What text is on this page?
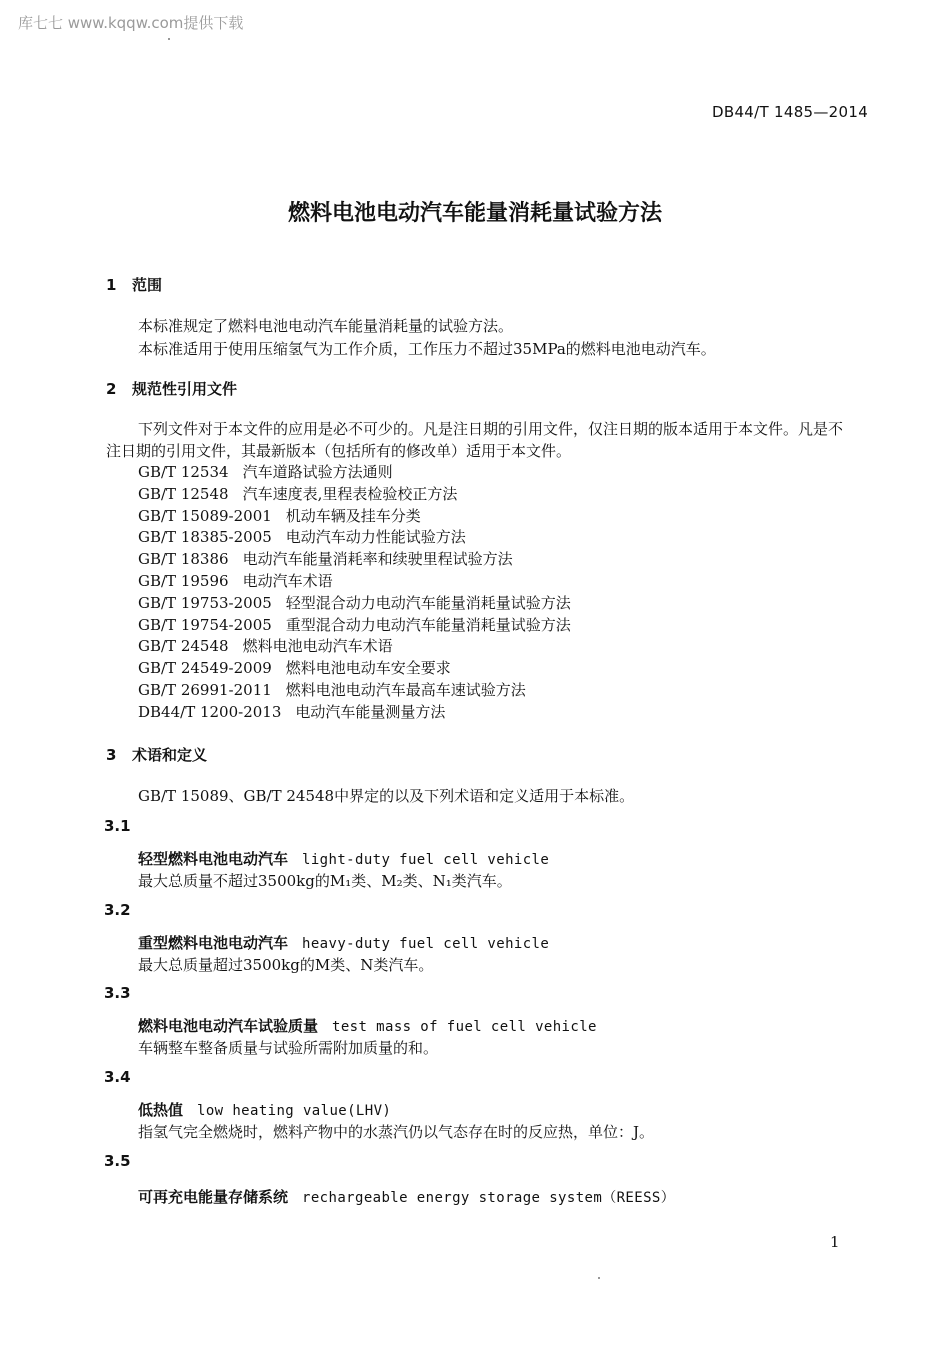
库七七 www.kqqw.com提供下载
DB44/T 1485—2014
燃料电池电动汽车能量消耗量试验方法
1 范围
本标准规定了燃料电池电动汽车能量消耗量的试验方法。
本标准适用于使用压缩氢气为工作介质，工作压力不超过35MPa的燃料电池电动汽车。
2 规范性引用文件
下列文件对于本文件的应用是必不可少的。凡是注日期的引用文件，仅注日期的版本适用于本文件。凡是不注日期的引用文件，其最新版本（包括所有的修改单）适用于本文件。
GB/T 12534 汽车道路试验方法通则
GB/T 12548 汽车速度表,里程表检验校正方法
GB/T 15089-2001 机动车辆及挂车分类
GB/T 18385-2005 电动汽车动力性能试验方法
GB/T 18386 电动汽车能量消耗率和续驶里程试验方法
GB/T 19596 电动汽车术语
GB/T 19753-2005 轻型混合动力电动汽车能量消耗量试验方法
GB/T 19754-2005 重型混合动力电动汽车能量消耗量试验方法
GB/T 24548 燃料电池电动汽车术语
GB/T 24549-2009 燃料电池电动车安全要求
GB/T 26991-2011 燃料电池电动汽车最高车速试验方法
DB44/T 1200-2013 电动汽车能量测量方法
3 术语和定义
GB/T 15089、GB/T 24548中界定的以及下列术语和定义适用于本标准。
3.1
轻型燃料电池电动汽车 light-duty fuel cell vehicle
最大总质量不超过3500kg的M₁类、M₂类、N₁类汽车。
3.2
重型燃料电池电动汽车 heavy-duty fuel cell vehicle
最大总质量超过3500kg的M类、N类汽车。
3.3
燃料电池电动汽车试验质量 test mass of fuel cell vehicle
车辆整车整备质量与试验所需附加质量的和。
3.4
低热值 low heating value(LHV)
指氢气完全燃烧时，燃料产物中的水蒸汽仍以气态存在时的反应热，单位：J。
3.5
可再充电能量存储系统 rechargeable energy storage system（REESS）
1
